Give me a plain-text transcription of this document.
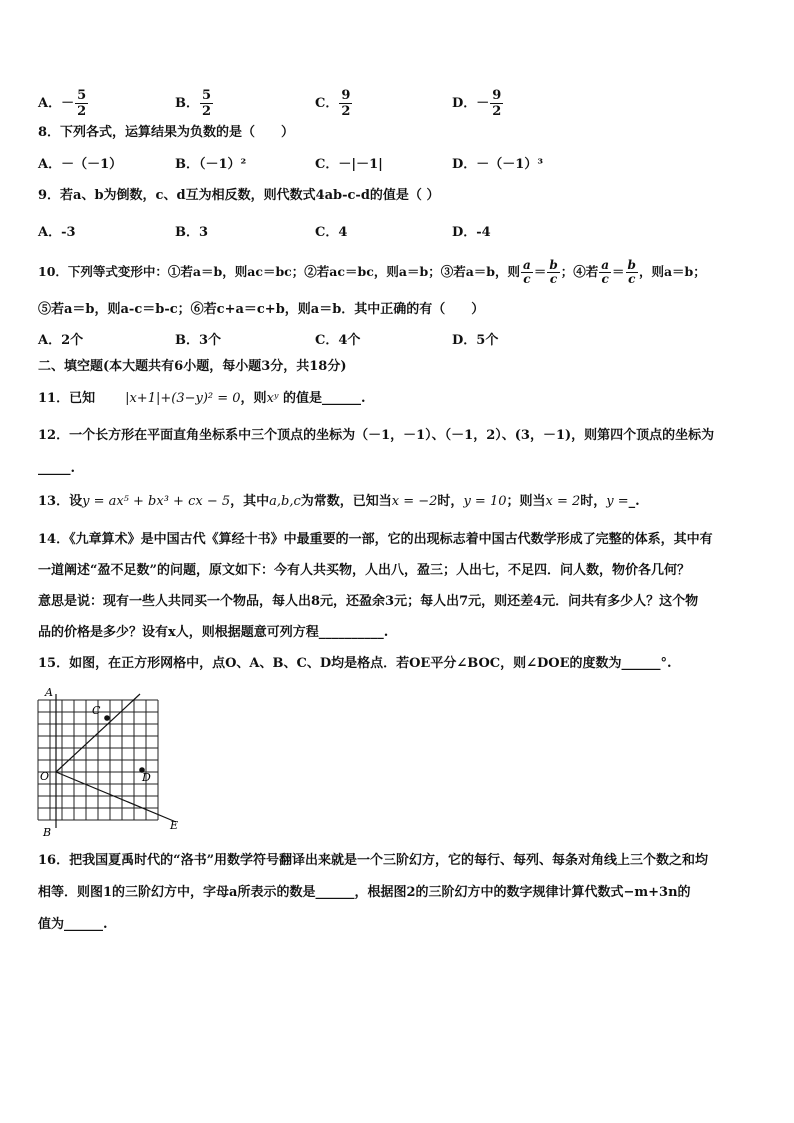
A．－ $\frac{5}{2}$	B． $\frac{5}{2}$	C． $\frac{9}{2}$	D．－ $\frac{9}{2}$
8．下列各式，运算结果为负数的是（　　）
A．－（－1）	B．（－1）²	C．－|－1|	D．－（－1）³
9．若a、b为倒数，c、d互为相反数，则代数式4ab-c-d的值是（ ）
A．-3	B．3	C．4	D．-4
10．下列等式变形中：①若a＝b，则ac＝bc；②若ac＝bc，则a＝b；③若a＝b，则 $\frac{a}{c} = \frac{b}{c}$ ；④若 $\frac{a}{c} = \frac{b}{c}$ ，则a＝b；
⑤若a＝b，则a-c＝b-c；⑥若c+a＝c+b，则a＝b．其中正确的有（　　）
A．2个	B．3个	C．4个	D．5个
二、填空题(本大题共有6小题，每小题3分，共18分)
11．已知 |x+1|+(3−y)² = 0，则xʸ 的值是______.
12．一个长方形在平面直角坐标系中三个顶点的坐标为（－1，－1）、（－1，2）、(3，－1)，则第四个顶点的坐标为
_____.
13．设y = ax⁵ + bx³ + cx − 5，其中a,b,c为常数，已知当x = −2时，y = 10；则当x = 2时，y =_.
14．《九章算术》是中国古代《算经十书》中最重要的一部，它的出现标志着中国古代数学形成了完整的体系，其中有
一道阐述“盈不足数”的问题，原文如下：今有人共买物，人出八，盈三；人出七，不足四．问人数，物价各几何？
意思是说：现有一些人共同买一个物品，每人出8元，还盈余3元；每人出7元，则还差4元．问共有多少人？这个物
品的价格是多少？设有x人，则根据题意可列方程__________.
15．如图，在正方形网格中，点O、A、B、C、D均是格点．若OE平分∠BOC，则∠DOE的度数为______°.
A
B
C
O	D
E
16．把我国夏禹时代的“洛书”用数学符号翻译出来就是一个三阶幻方，它的每行、每列、每条对角线上三个数之和均
相等．则图1的三阶幻方中，字母a所表示的数是______，根据图2的三阶幻方中的数字规律计算代数式−m+3n的
值为______.
